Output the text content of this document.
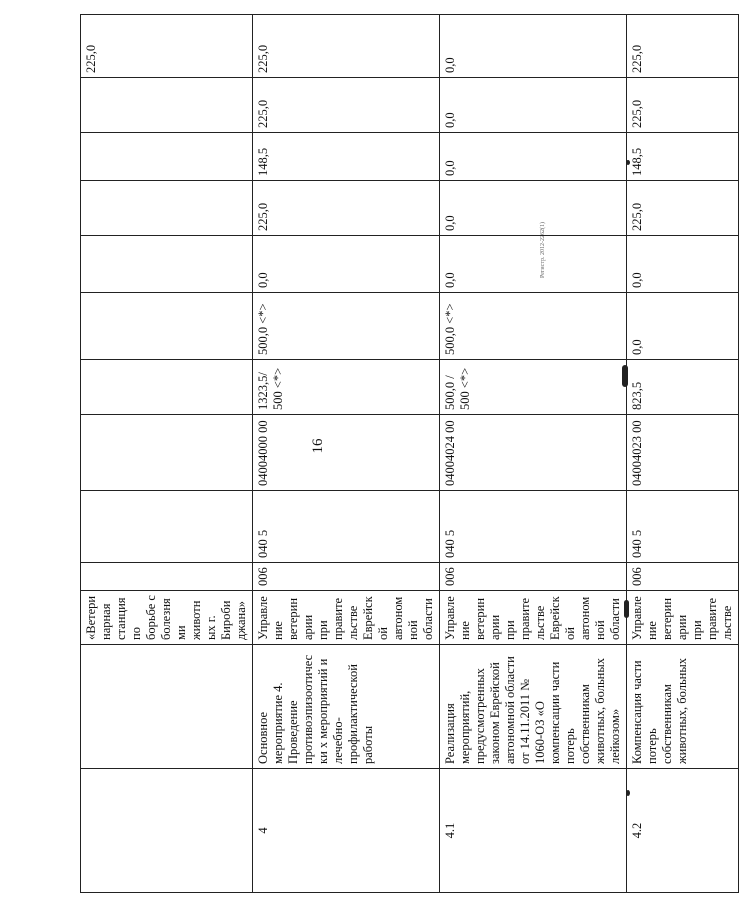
16
Регистр. 2012-2262(1)
		«Ветеринарная станция по борьбе с болезнями животных г. Биробиджана»										225,0
4	Основное мероприятие 4. Проведение противоэпизоотически х мероприятий и лечебно-профилактической работы	Управление ветеринарии при правительстве Еврейской автономной области	006	040 5	04004000 00	1323,5/ 500 <*>	500,0 <*>	0,0	225,0	148,5	225,0	225,0
4.1	Реализация мероприятий, предусмотренных законом Еврейской автономной области от 14.11.2011 № 1060-ОЗ «О компенсации части потерь собственникам животных, больных лейкозом»	Управление ветеринарии при правительстве Еврейской автономной области	006	040 5	04004024 00	500,0 / 500 <*>	500,0 <*>	0,0	0,0	0,0	0,0	0,0
4.2	Компенсация части потерь собственникам животных, больных	Управление ветеринарии при правительстве	006	040 5	04004023 00	823,5	0,0	0,0	225,0	148,5	225,0	225,0
